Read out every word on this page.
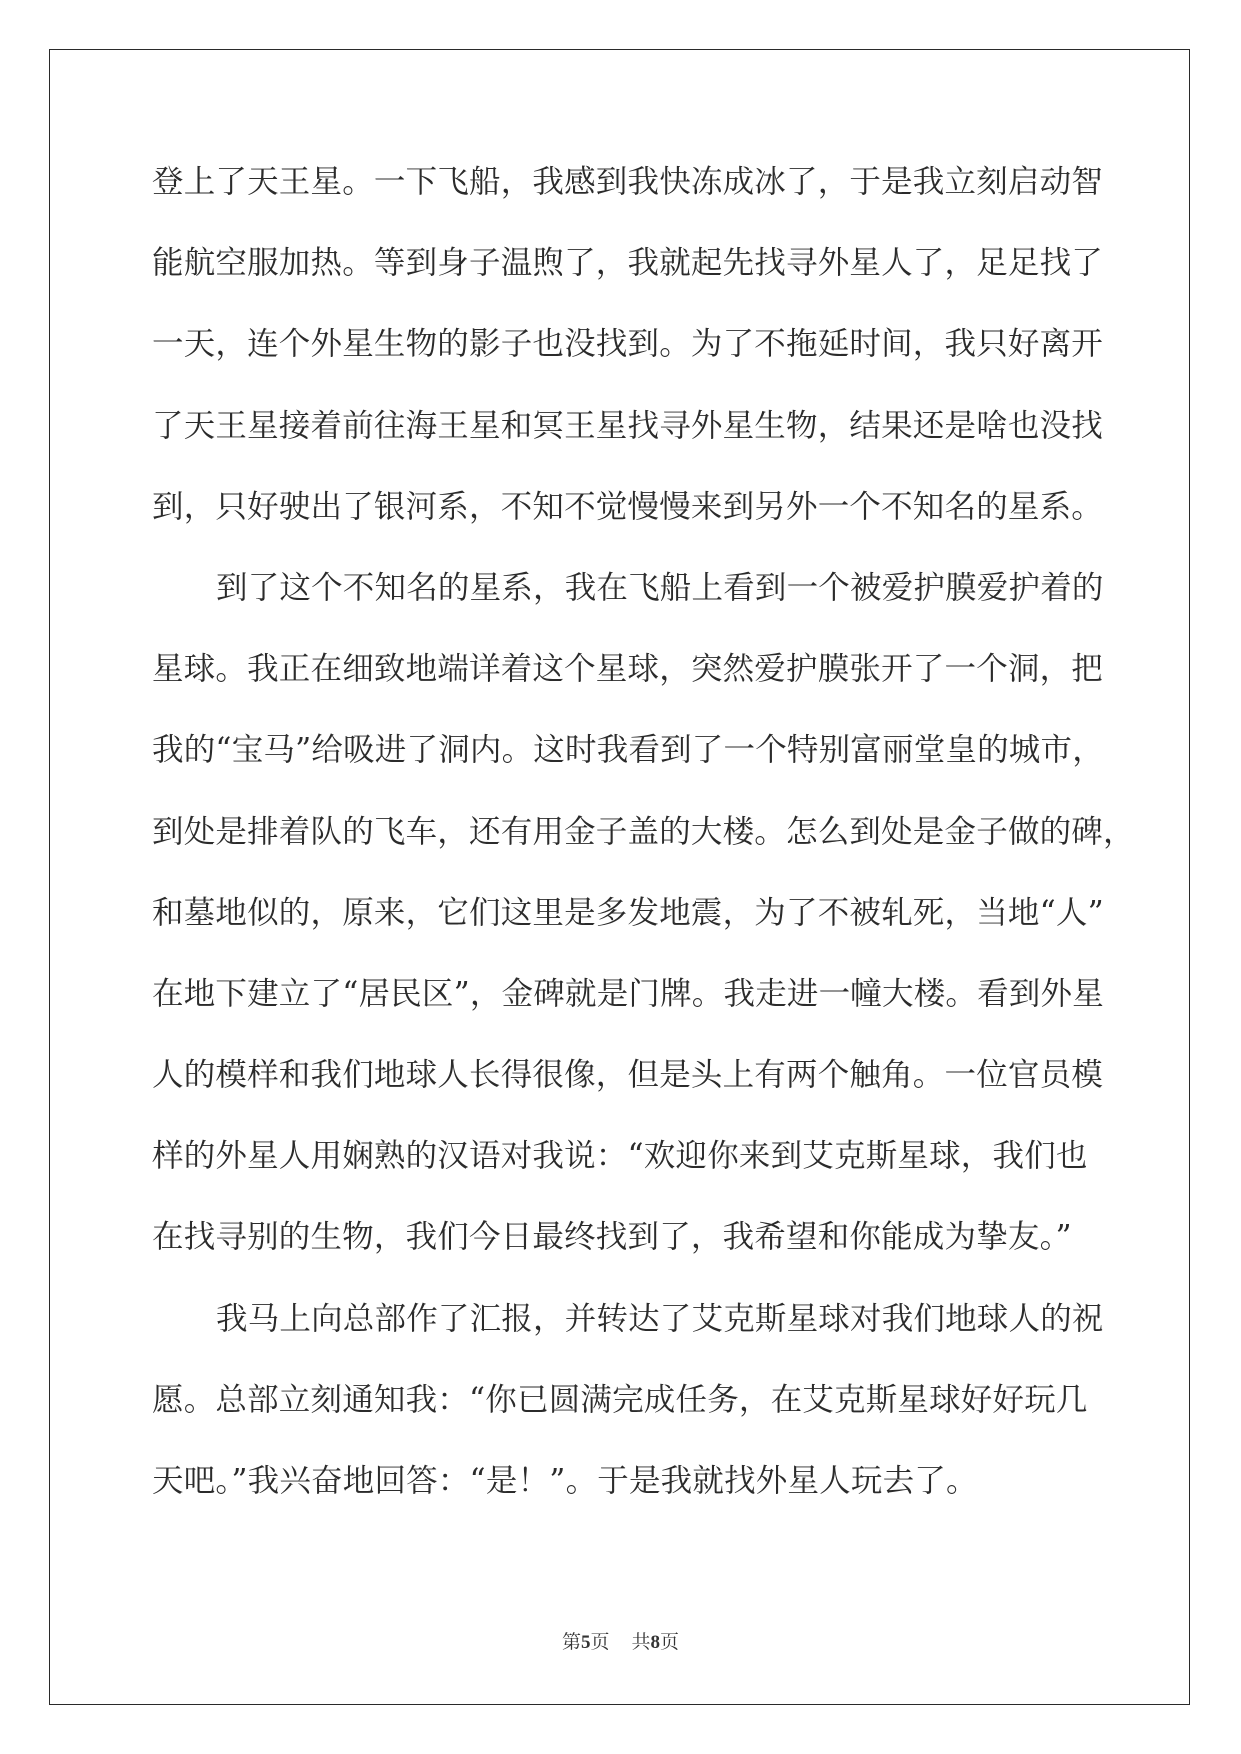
登上了天王星。一下飞船，我感到我快冻成冰了，于是我立刻启动智
能航空服加热。等到身子温煦了，我就起先找寻外星人了，足足找了
一天，连个外星生物的影子也没找到。为了不拖延时间，我只好离开
了天王星接着前往海王星和冥王星找寻外星生物，结果还是啥也没找
到，只好驶出了银河系，不知不觉慢慢来到另外一个不知名的星系。
到了这个不知名的星系，我在飞船上看到一个被爱护膜爱护着的
星球。我正在细致地端详着这个星球，突然爱护膜张开了一个洞，把
我的“宝马”给吸进了洞内。这时我看到了一个特别富丽堂皇的城市，
到处是排着队的飞车，还有用金子盖的大楼。怎么到处是金子做的碑，
和墓地似的，原来，它们这里是多发地震，为了不被轧死，当地“人”
在地下建立了“居民区”，金碑就是门牌。我走进一幢大楼。看到外星
人的模样和我们地球人长得很像，但是头上有两个触角。一位官员模
样的外星人用娴熟的汉语对我说：“欢迎你来到艾克斯星球，我们也
在找寻别的生物，我们今日最终找到了，我希望和你能成为挚友。”
我马上向总部作了汇报，并转达了艾克斯星球对我们地球人的祝
愿。总部立刻通知我：“你已圆满完成任务，在艾克斯星球好好玩几
天吧。”我兴奋地回答：“是！”。于是我就找外星人玩去了。
第5页 共8页
